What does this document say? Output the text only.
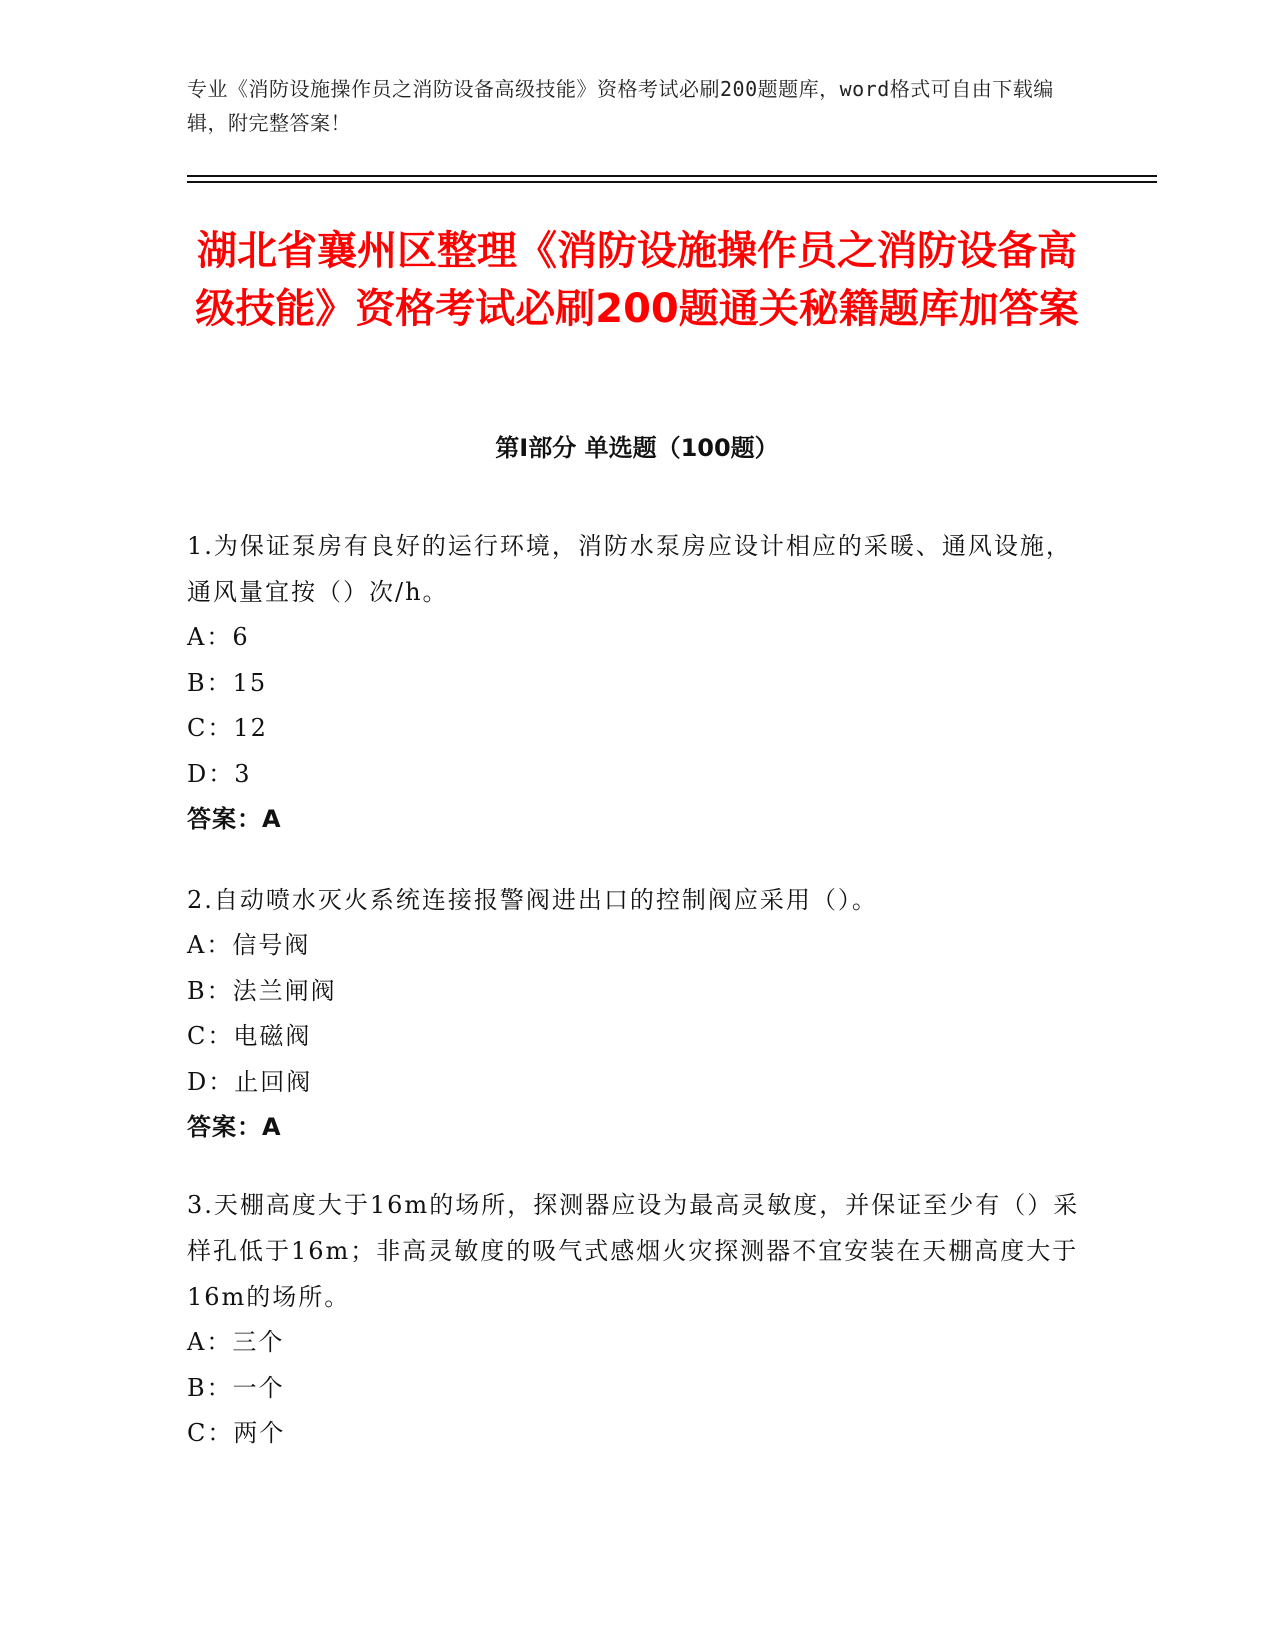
专业《消防设施操作员之消防设备高级技能》资格考试必刷200题题库，word格式可自由下载编辑，附完整答案！
湖北省襄州区整理《消防设施操作员之消防设备高级技能》资格考试必刷200题通关秘籍题库加答案
第I部分 单选题（100题）
1.为保证泵房有良好的运行环境，消防水泵房应设计相应的采暖、通风设施，通风量宜按（）次/h。
A：6
B：15
C：12
D：3
答案：A
2.自动喷水灭火系统连接报警阀进出口的控制阀应采用（）。
A：信号阀
B：法兰闸阀
C：电磁阀
D：止回阀
答案：A
3.天棚高度大于16m的场所，探测器应设为最高灵敏度，并保证至少有（）采样孔低于16m；非高灵敏度的吸气式感烟火灾探测器不宜安装在天棚高度大于16m的场所。
A：三个
B：一个
C：两个
